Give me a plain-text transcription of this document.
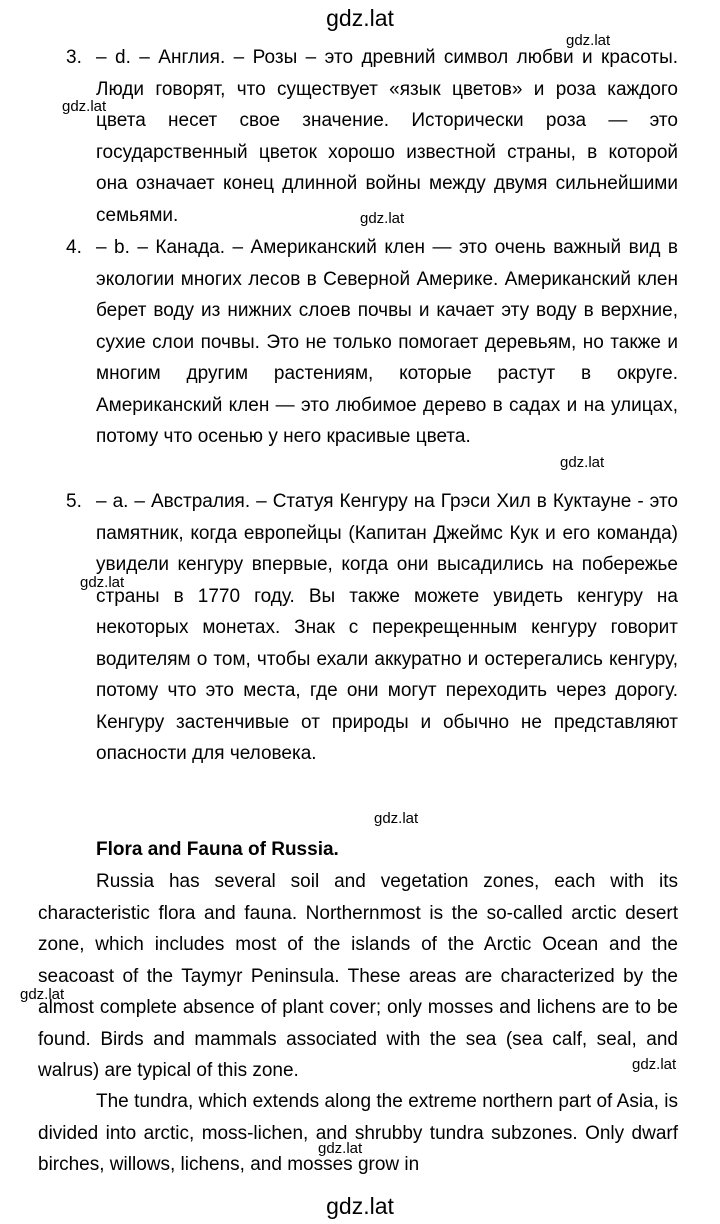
gdz.lat
gdz.lat
gdz.lat
gdz.lat
gdz.lat
gdz.lat
gdz.lat
gdz.lat
gdz.lat
gdz.lat
3. – d. – Англия. – Розы – это древний символ любви и красоты. Люди говорят, что существует «язык цветов» и роза каждого цвета несет свое значение. Исторически роза — это государственный цветок хорошо известной страны, в которой она означает конец длинной войны между двумя сильнейшими семьями.
4. – b. – Канада. – Американский клен — это очень важный вид в экологии многих лесов в Северной Америке. Американский клен берет воду из нижних слоев почвы и качает эту воду в верхние, сухие слои почвы. Это не только помогает деревьям, но также и многим другим растениям, которые растут в округе. Американский клен — это любимое дерево в садах и на улицах, потому что осенью у него красивые цвета.
5. – a. – Австралия. – Статуя Кенгуру на Грэси Хил в Куктауне - это памятник, когда европейцы (Капитан Джеймс Кук и его команда) увидели кенгуру впервые, когда они высадились на побережье страны в 1770 году. Вы также можете увидеть кенгуру на некоторых монетах. Знак с перекрещенным кенгуру говорит водителям о том, чтобы ехали аккуратно и остерегались кенгуру, потому что это места, где они могут переходить через дорогу. Кенгуру застенчивые от природы и обычно не представляют опасности для человека.
Flora and Fauna of Russia.
Russia has several soil and vegetation zones, each with its characteristic flora and fauna. Northernmost is the so-called arctic desert zone, which includes most of the islands of the Arctic Ocean and the seacoast of the Taymyr Peninsula. These areas are characterized by the almost complete absence of plant cover; only mosses and lichens are to be found. Birds and mammals associated with the sea (sea calf, seal, and walrus) are typical of this zone.
The tundra, which extends along the extreme northern part of Asia, is divided into arctic, moss-lichen, and shrubby tundra subzones. Only dwarf birches, willows, lichens, and mosses grow in
gdz.lat
